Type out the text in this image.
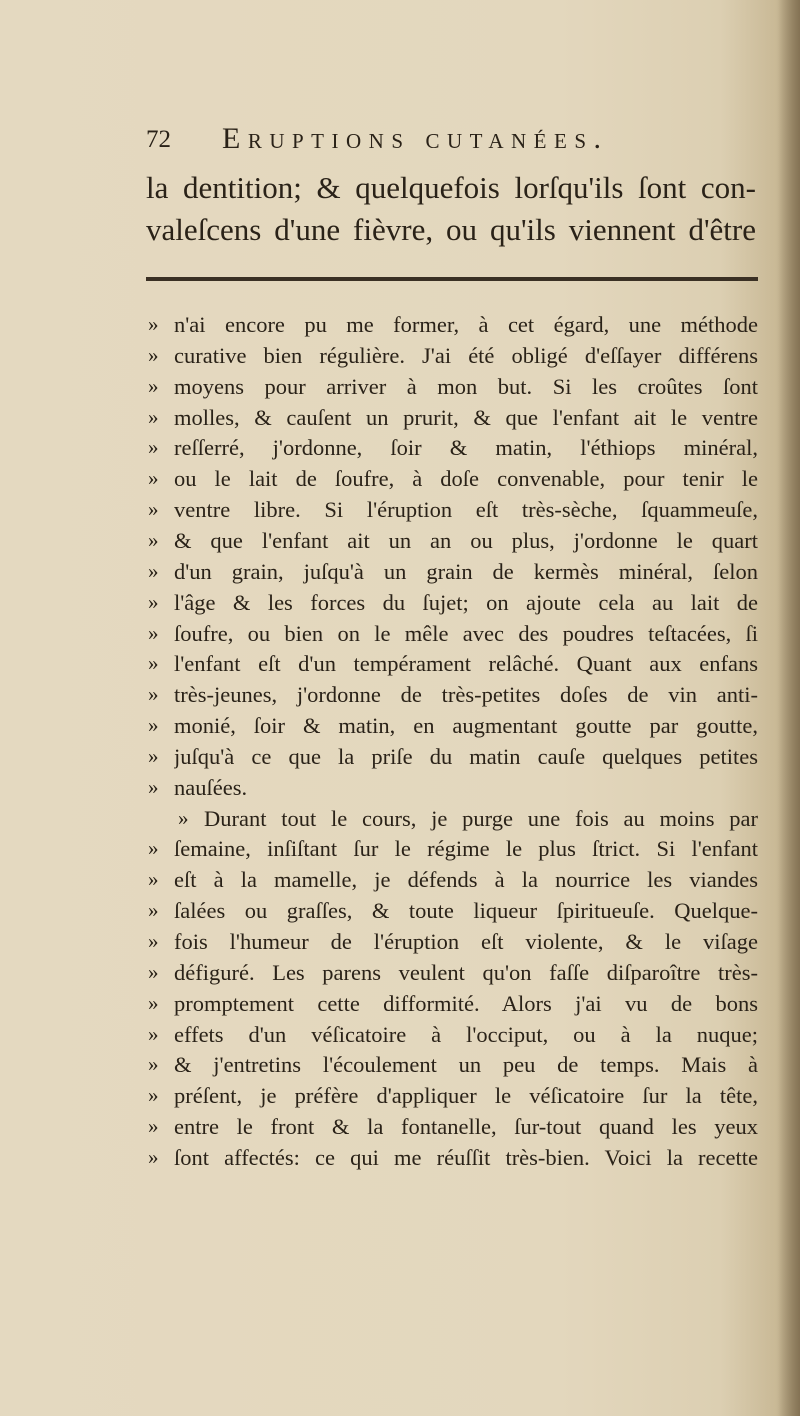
72 Eruptions cutanées.
la dentition; & quelquefois lorſqu'ils ſont con-
valeſcens d'une fièvre, ou qu'ils viennent d'être
» n'ai encore pu me former, à cet égard, une méthode
» curative bien régulière. J'ai été obligé d'eſſayer différens
» moyens pour arriver à mon but. Si les croûtes ſont
» molles, & cauſent un prurit, & que l'enfant ait le ventre
» reſſerré, j'ordonne, ſoir & matin, l'éthiops minéral,
» ou le lait de ſoufre, à doſe convenable, pour tenir le
» ventre libre. Si l'éruption eſt très-sèche, ſquammeuſe,
» & que l'enfant ait un an ou plus, j'ordonne le quart
» d'un grain, juſqu'à un grain de kermès minéral, ſelon
» l'âge & les forces du ſujet; on ajoute cela au lait de
» ſoufre, ou bien on le mêle avec des poudres teſtacées, ſi
» l'enfant eſt d'un tempérament relâché. Quant aux enfans
» très-jeunes, j'ordonne de très-petites doſes de vin anti-
» monié, ſoir & matin, en augmentant goutte par goutte,
» juſqu'à ce que la priſe du matin cauſe quelques petites
» nauſées.
» Durant tout le cours, je purge une fois au moins par
» ſemaine, inſiſtant ſur le régime le plus ſtrict. Si l'enfant
» eſt à la mamelle, je défends à la nourrice les viandes
» ſalées ou graſſes, & toute liqueur ſpiritueuſe. Quelque-
» fois l'humeur de l'éruption eſt violente, & le viſage
» défiguré. Les parens veulent qu'on faſſe diſparoître très-
» promptement cette difformité. Alors j'ai vu de bons
» effets d'un véſicatoire à l'occiput, ou à la nuque;
» & j'entretins l'écoulement un peu de temps. Mais à
» préſent, je préfère d'appliquer le véſicatoire ſur la tête,
» entre le front & la fontanelle, ſur-tout quand les yeux
» ſont affectés: ce qui me réuſſit très-bien. Voici la recette
